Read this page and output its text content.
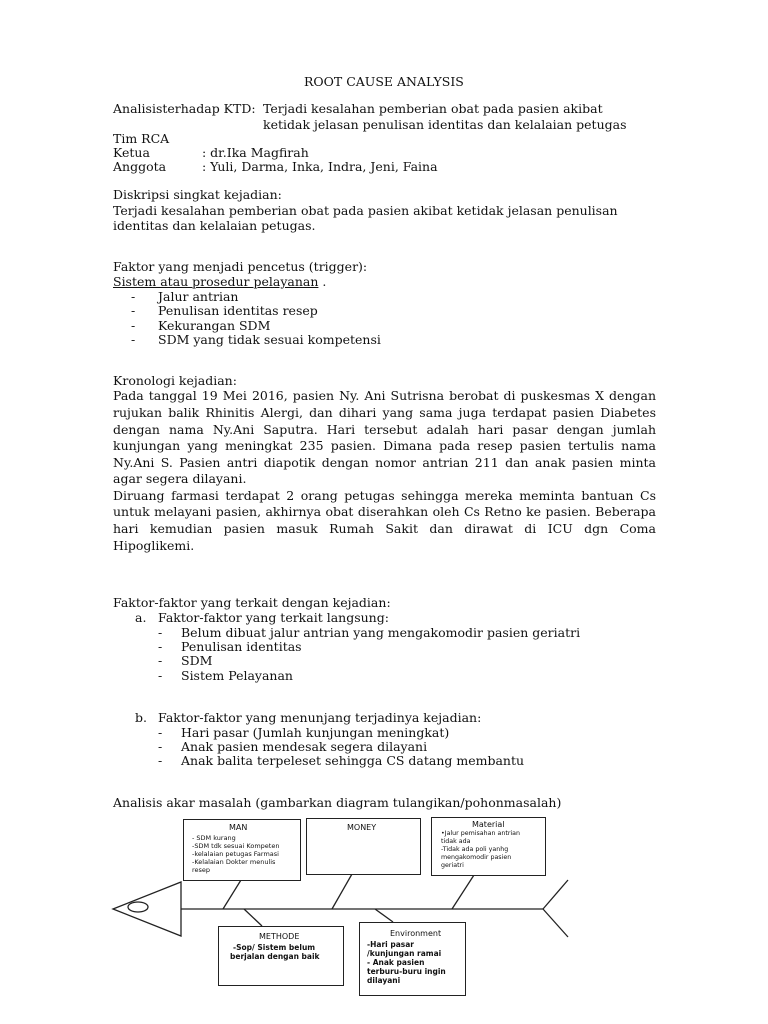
ROOT CAUSE ANALYSIS
Analisisterhadap KTD: Terjadi kesalahan pemberian obat pada pasien akibat
ketidak jelasan penulisan identitas dan kelalaian petugas
Tim RCA
Ketua	: dr.Ika Magfirah
Anggota	: Yuli, Darma, Inka, Indra, Jeni, Faina
Diskripsi singkat kejadian:
Terjadi kesalahan pemberian obat pada pasien akibat ketidak jelasan penulisan
identitas dan kelalaian petugas.
Faktor yang menjadi pencetus (trigger):
Sistem atau prosedur pelayanan .
- Jalur antrian
- Penulisan identitas resep
- Kekurangan SDM
- SDM yang tidak sesuai kompetensi
Kronologi kejadian:
Pada tanggal 19 Mei 2016, pasien Ny. Ani Sutrisna berobat di puskesmas X dengan
rujukan balik Rhinitis Alergi, dan dihari yang sama juga terdapat pasien Diabetes
dengan nama Ny.Ani Saputra. Hari tersebut adalah hari pasar dengan jumlah
kunjungan yang meningkat 235 pasien. Dimana pada resep pasien tertulis nama
Ny.Ani S. Pasien antri diapotik dengan nomor antrian 211 dan anak pasien minta
agar segera dilayani.
Diruang farmasi terdapat 2 orang petugas sehingga mereka meminta bantuan Cs
untuk melayani pasien, akhirnya obat diserahkan oleh Cs Retno ke pasien. Beberapa
hari kemudian pasien masuk Rumah Sakit dan dirawat di ICU dgn Coma
Hipoglikemi.
Faktor-faktor yang terkait dengan kejadian:
a. Faktor-faktor yang terkait langsung:
- Belum dibuat jalur antrian yang mengakomodir pasien geriatri
- Penulisan identitas
- SDM
- Sistem Pelayanan
b. Faktor-faktor yang menunjang terjadinya kejadian:
- Hari pasar (Jumlah kunjungan meningkat)
- Anak pasien mendesak segera dilayani
- Anak balita terpeleset sehingga CS datang membantu
Analisis akar masalah (gambarkan diagram tulangikan/pohonmasalah)
MAN
- SDM kurang
-SDM tdk sesuai Kompeten
-kelalaian petugas Farmasi
-Kelalaian Dokter menulis
resep
MONEY	Material
•Jalur pemisahan antrian
tidak ada
-Tidak ada poli yanhg
mengakomodir pasien
geriatri
METHODE
-Sop/ Sistem belum
berjalan dengan baik
Environment
-Hari pasar
/kunjungan ramai
- Anak pasien
terburu-buru ingin
dilayani
